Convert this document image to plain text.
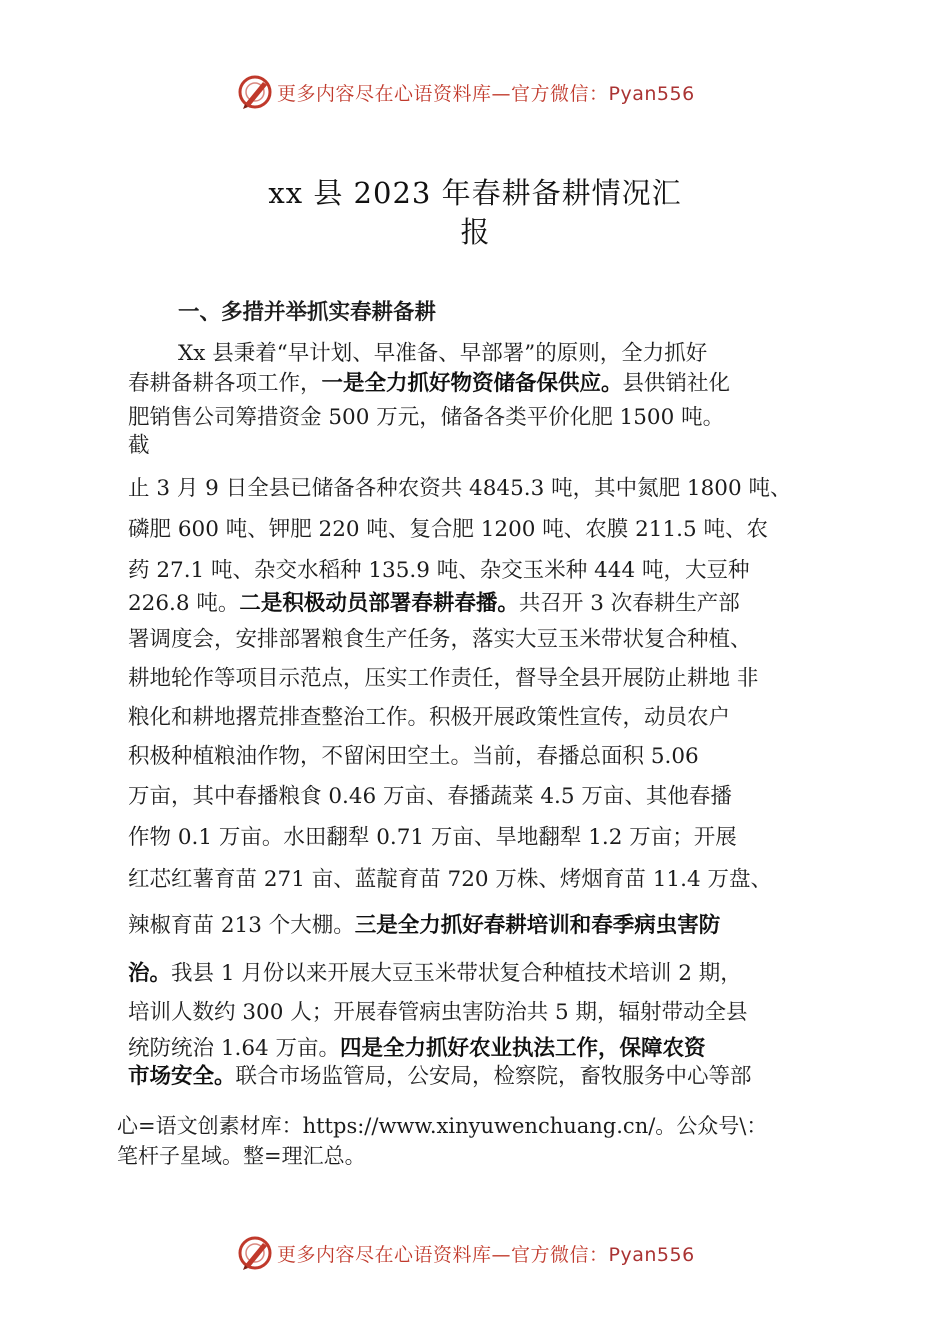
更多内容尽在心语资料库—官方微信：Pyan556
xx 县 2023 年春耕备耕情况汇
报
一、多措并举抓实春耕备耕
Xx 县秉着“早计划、早准备、早部署”的原则，全力抓好
春耕备耕各项工作，一是全力抓好物资储备保供应。县供销社化
肥销售公司筹措资金 500 万元，储备各类平价化肥 1500 吨。
截
止 3 月 9 日全县已储备各种农资共 4845.3 吨，其中氮肥 1800 吨、
磷肥 600 吨、钾肥 220 吨、复合肥 1200 吨、农膜 211.5 吨、农
药 27.1 吨、杂交水稻种 135.9 吨、杂交玉米种 444 吨，大豆种
226.8 吨。二是积极动员部署春耕春播。共召开 3 次春耕生产部
署调度会，安排部署粮食生产任务，落实大豆玉米带状复合种植、
耕地轮作等项目示范点，压实工作责任，督导全县开展防止耕地 非
粮化和耕地撂荒排查整治工作。积极开展政策性宣传，动员农户
积极种植粮油作物，不留闲田空土。当前，春播总面积 5.06
万亩，其中春播粮食 0.46 万亩、春播蔬菜 4.5 万亩、其他春播
作物 0.1 万亩。水田翻犁 0.71 万亩、旱地翻犁 1.2 万亩；开展
红芯红薯育苗 271 亩、蓝靛育苗 720 万株、烤烟育苗 11.4 万盘、
辣椒育苗 213 个大棚。三是全力抓好春耕培训和春季病虫害防
治。我县 1 月份以来开展大豆玉米带状复合种植技术培训 2 期，
培训人数约 300 人；开展春管病虫害防治共 5 期，辐射带动全县
统防统治 1.64 万亩。四是全力抓好农业执法工作，保障农资
市场安全。联合市场监管局，公安局，检察院，畜牧服务中心等部
心=语文创素材库：https://www.xinyuwenchuang.cn/。公众号\：
笔杆子星域。整=理汇总。
更多内容尽在心语资料库—官方微信：Pyan556
